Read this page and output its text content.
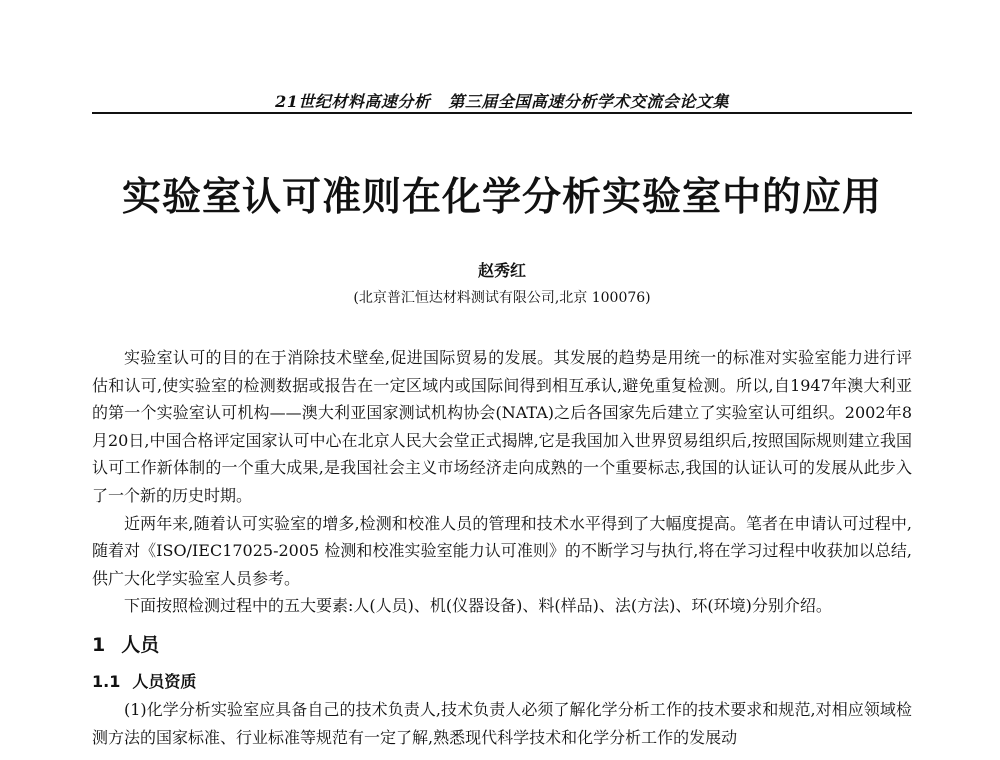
21世纪材料高速分析 第三届全国高速分析学术交流会论文集
实验室认可准则在化学分析实验室中的应用
赵秀红
(北京普汇恒达材料测试有限公司,北京 100076)

实验室认可的目的在于消除技术壁垒,促进国际贸易的发展。其发展的趋势是用统一的标准对实验室能力进行评估和认可,使实验室的检测数据或报告在一定区域内或国际间得到相互承认,避免重复检测。所以,自1947年澳大利亚的第一个实验室认可机构——澳大利亚国家测试机构协会(NATA)之后各国家先后建立了实验室认可组织。2002年8月20日,中国合格评定国家认可中心在北京人民大会堂正式揭牌,它是我国加入世界贸易组织后,按照国际规则建立我国认可工作新体制的一个重大成果,是我国社会主义市场经济走向成熟的一个重要标志,我国的认证认可的发展从此步入了一个新的历史时期。

近两年来,随着认可实验室的增多,检测和校准人员的管理和技术水平得到了大幅度提高。笔者在申请认可过程中,随着对《ISO/IEC17025-2005 检测和校准实验室能力认可准则》的不断学习与执行,将在学习过程中收获加以总结,供广大化学实验室人员参考。

下面按照检测过程中的五大要素:人(人员)、机(仪器设备)、料(样品)、法(方法)、环(环境)分别介绍。

1 人员
1.1 人员资质

(1)化学分析实验室应具备自己的技术负责人,技术负责人必须了解化学分析工作的技术要求和规范,对相应领域检测方法的国家标准、行业标准等规范有一定了解,熟悉现代科学技术和化学分析工作的发展动
